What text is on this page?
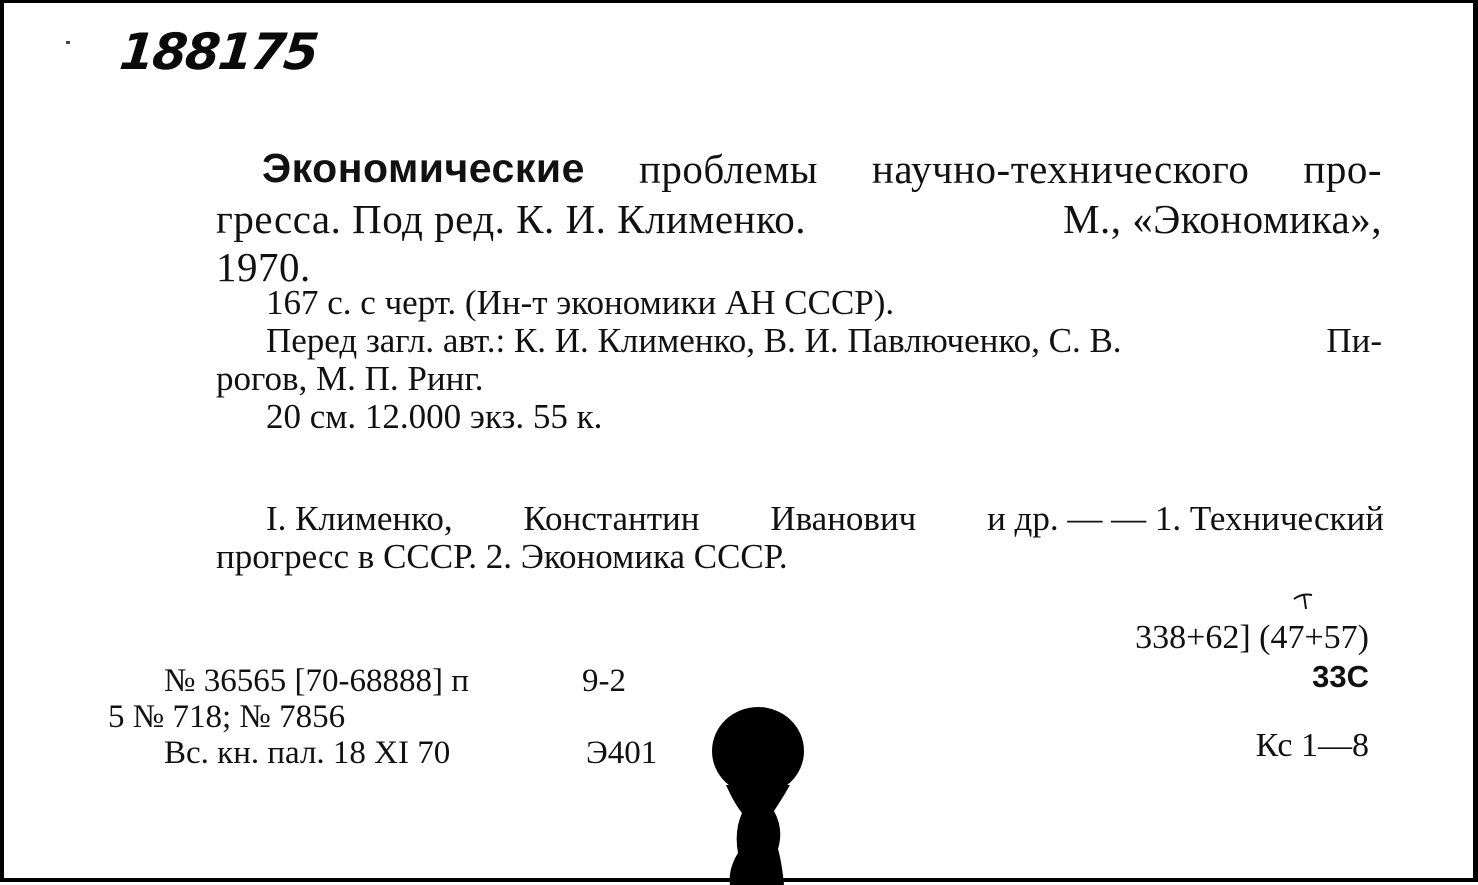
188175
Экономические проблемы научно-технического про-
гресса. Под ред. К. И. Клименко.	М., «Экономика»,
1970.
167 с. с черт. (Ин-т экономики АН СССР).
Перед загл. авт.: К. И. Клименко, В. И. Павлюченко, С. В.	Пи-
рогов, М. П. Ринг.
20 см. 12.000 экз. 55 к.
I. Клименко, Константин Иванович и др. — — 1. Технический
прогресс в СССР. 2. Экономика СССР.
338+62] (47+57)
33С
Кс 1—8
№ 36565 [70-68888] п	9-2
5 № 718; № 7856
Вс. кн. пал. 18 XI 70	Э401
